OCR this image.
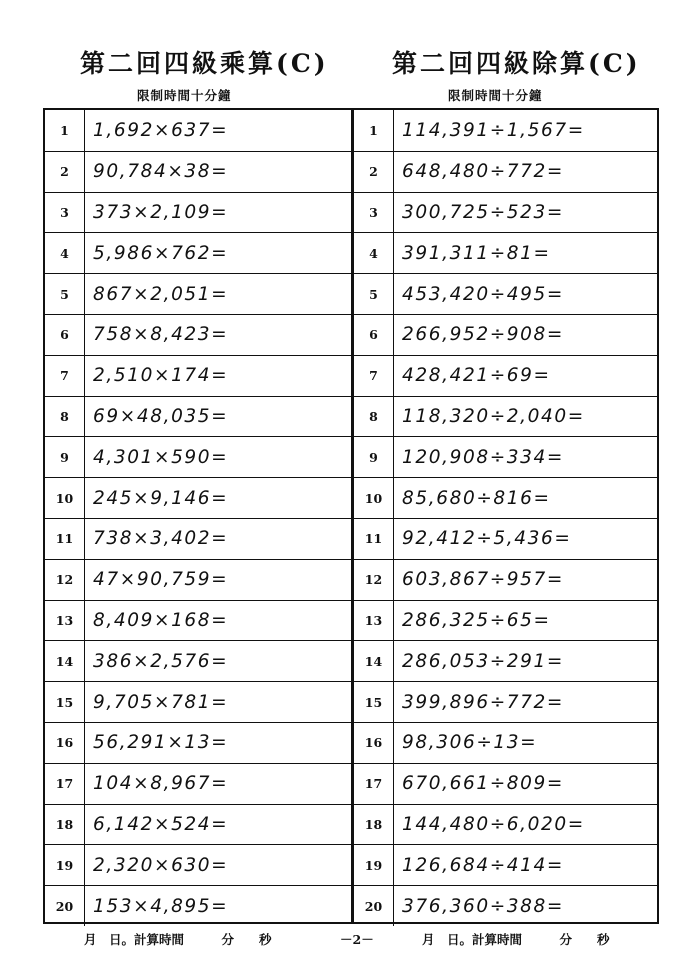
第二回四級乘算(C)
限制時間十分鐘
第二回四級除算(C)
限制時間十分鐘
1	1,692×637=
2	90,784×38=
3	373×2,109=
4	5,986×762=
5	867×2,051=
6	758×8,423=
7	2,510×174=
8	69×48,035=
9	4,301×590=
10	245×9,146=
11	738×3,402=
12	47×90,759=
13	8,409×168=
14	386×2,576=
15	9,705×781=
16	56,291×13=
17	104×8,967=
18	6,142×524=
19	2,320×630=
20	153×4,895=
1	114,391÷1,567=
2	648,480÷772=
3	300,725÷523=
4	391,311÷81=
5	453,420÷495=
6	266,952÷908=
7	428,421÷69=
8	118,320÷2,040=
9	120,908÷334=
10	85,680÷816=
11	92,412÷5,436=
12	603,867÷957=
13	286,325÷65=
14	286,053÷291=
15	399,896÷772=
16	98,306÷13=
17	670,661÷809=
18	144,480÷6,020=
19	126,684÷414=
20	376,360÷388=
月　日。計算時間　　　分　　秒	－2－	月　日。計算時間　　　分　　秒
